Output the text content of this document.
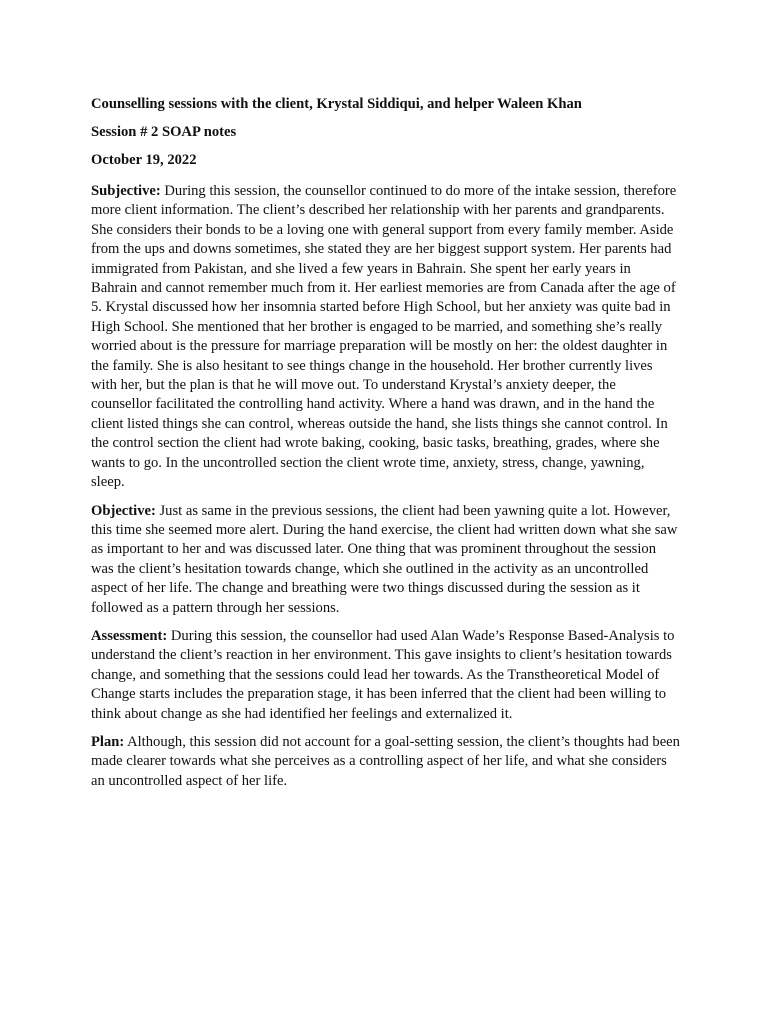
Counselling sessions with the client, Krystal Siddiqui, and helper Waleen Khan
Session # 2 SOAP notes
October 19, 2022

Subjective: During this session, the counsellor continued to do more of the intake session, therefore more client information. The client’s described her relationship with her parents and grandparents. She considers their bonds to be a loving one with general support from every family member. Aside from the ups and downs sometimes, she stated they are her biggest support system. Her parents had immigrated from Pakistan, and she lived a few years in Bahrain. She spent her early years in Bahrain and cannot remember much from it. Her earliest memories are from Canada after the age of 5. Krystal discussed how her insomnia started before High School, but her anxiety was quite bad in High School. She mentioned that her brother is engaged to be married, and something she’s really worried about is the pressure for marriage preparation will be mostly on her: the oldest daughter in the family. She is also hesitant to see things change in the household. Her brother currently lives with her, but the plan is that he will move out. To understand Krystal’s anxiety deeper, the counsellor facilitated the controlling hand activity. Where a hand was drawn, and in the hand the client listed things she can control, whereas outside the hand, she lists things she cannot control. In the control section the client had wrote baking, cooking, basic tasks, breathing, grades, where she wants to go. In the uncontrolled section the client wrote time, anxiety, stress, change, yawning, sleep.

Objective: Just as same in the previous sessions, the client had been yawning quite a lot. However, this time she seemed more alert. During the hand exercise, the client had written down what she saw as important to her and was discussed later. One thing that was prominent throughout the session was the client’s hesitation towards change, which she outlined in the activity as an uncontrolled aspect of her life. The change and breathing were two things discussed during the session as it followed as a pattern through her sessions.

Assessment: During this session, the counsellor had used Alan Wade’s Response Based-Analysis to understand the client’s reaction in her environment. This gave insights to client’s hesitation towards change, and something that the sessions could lead her towards. As the Transtheoretical Model of Change starts includes the preparation stage, it has been inferred that the client had been willing to think about change as she had identified her feelings and externalized it.

Plan: Although, this session did not account for a goal-setting session, the client’s thoughts had been made clearer towards what she perceives as a controlling aspect of her life, and what she considers an uncontrolled aspect of her life.
